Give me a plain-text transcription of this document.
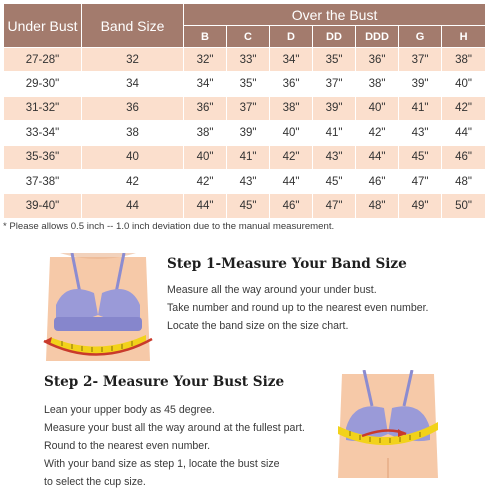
Under Bust	Band Size	Over the Bust						
		B	C	D	DD	DDD	G	H
27-28"	32	32"	33"	34"	35"	36"	37"	38"
29-30"	34	34"	35"	36"	37"	38"	39"	40"
31-32"	36	36"	37"	38"	39"	40"	41"	42"
33-34"	38	38"	39"	40"	41"	42"	43"	44"
35-36"	40	40"	41"	42"	43"	44"	45"	46"
37-38"	42	42"	43"	44"	45"	46"	47"	48"
39-40"	44	44"	45"	46"	47"	48"	49"	50"
* Please allows 0.5 inch -- 1.0 inch deviation due to the manual measurement.
Step 1-Measure Your Band Size
Measure all the way around your under bust.
Take number and round up to the nearest even number.
Locate the band size on the size chart.
Step 2- Measure Your Bust Size
Lean your upper body as 45 degree.
Measure your bust all the way around at the fullest part.
Round to the nearest even number.
With your band size as step 1, locate the bust size
to select the cup size.
